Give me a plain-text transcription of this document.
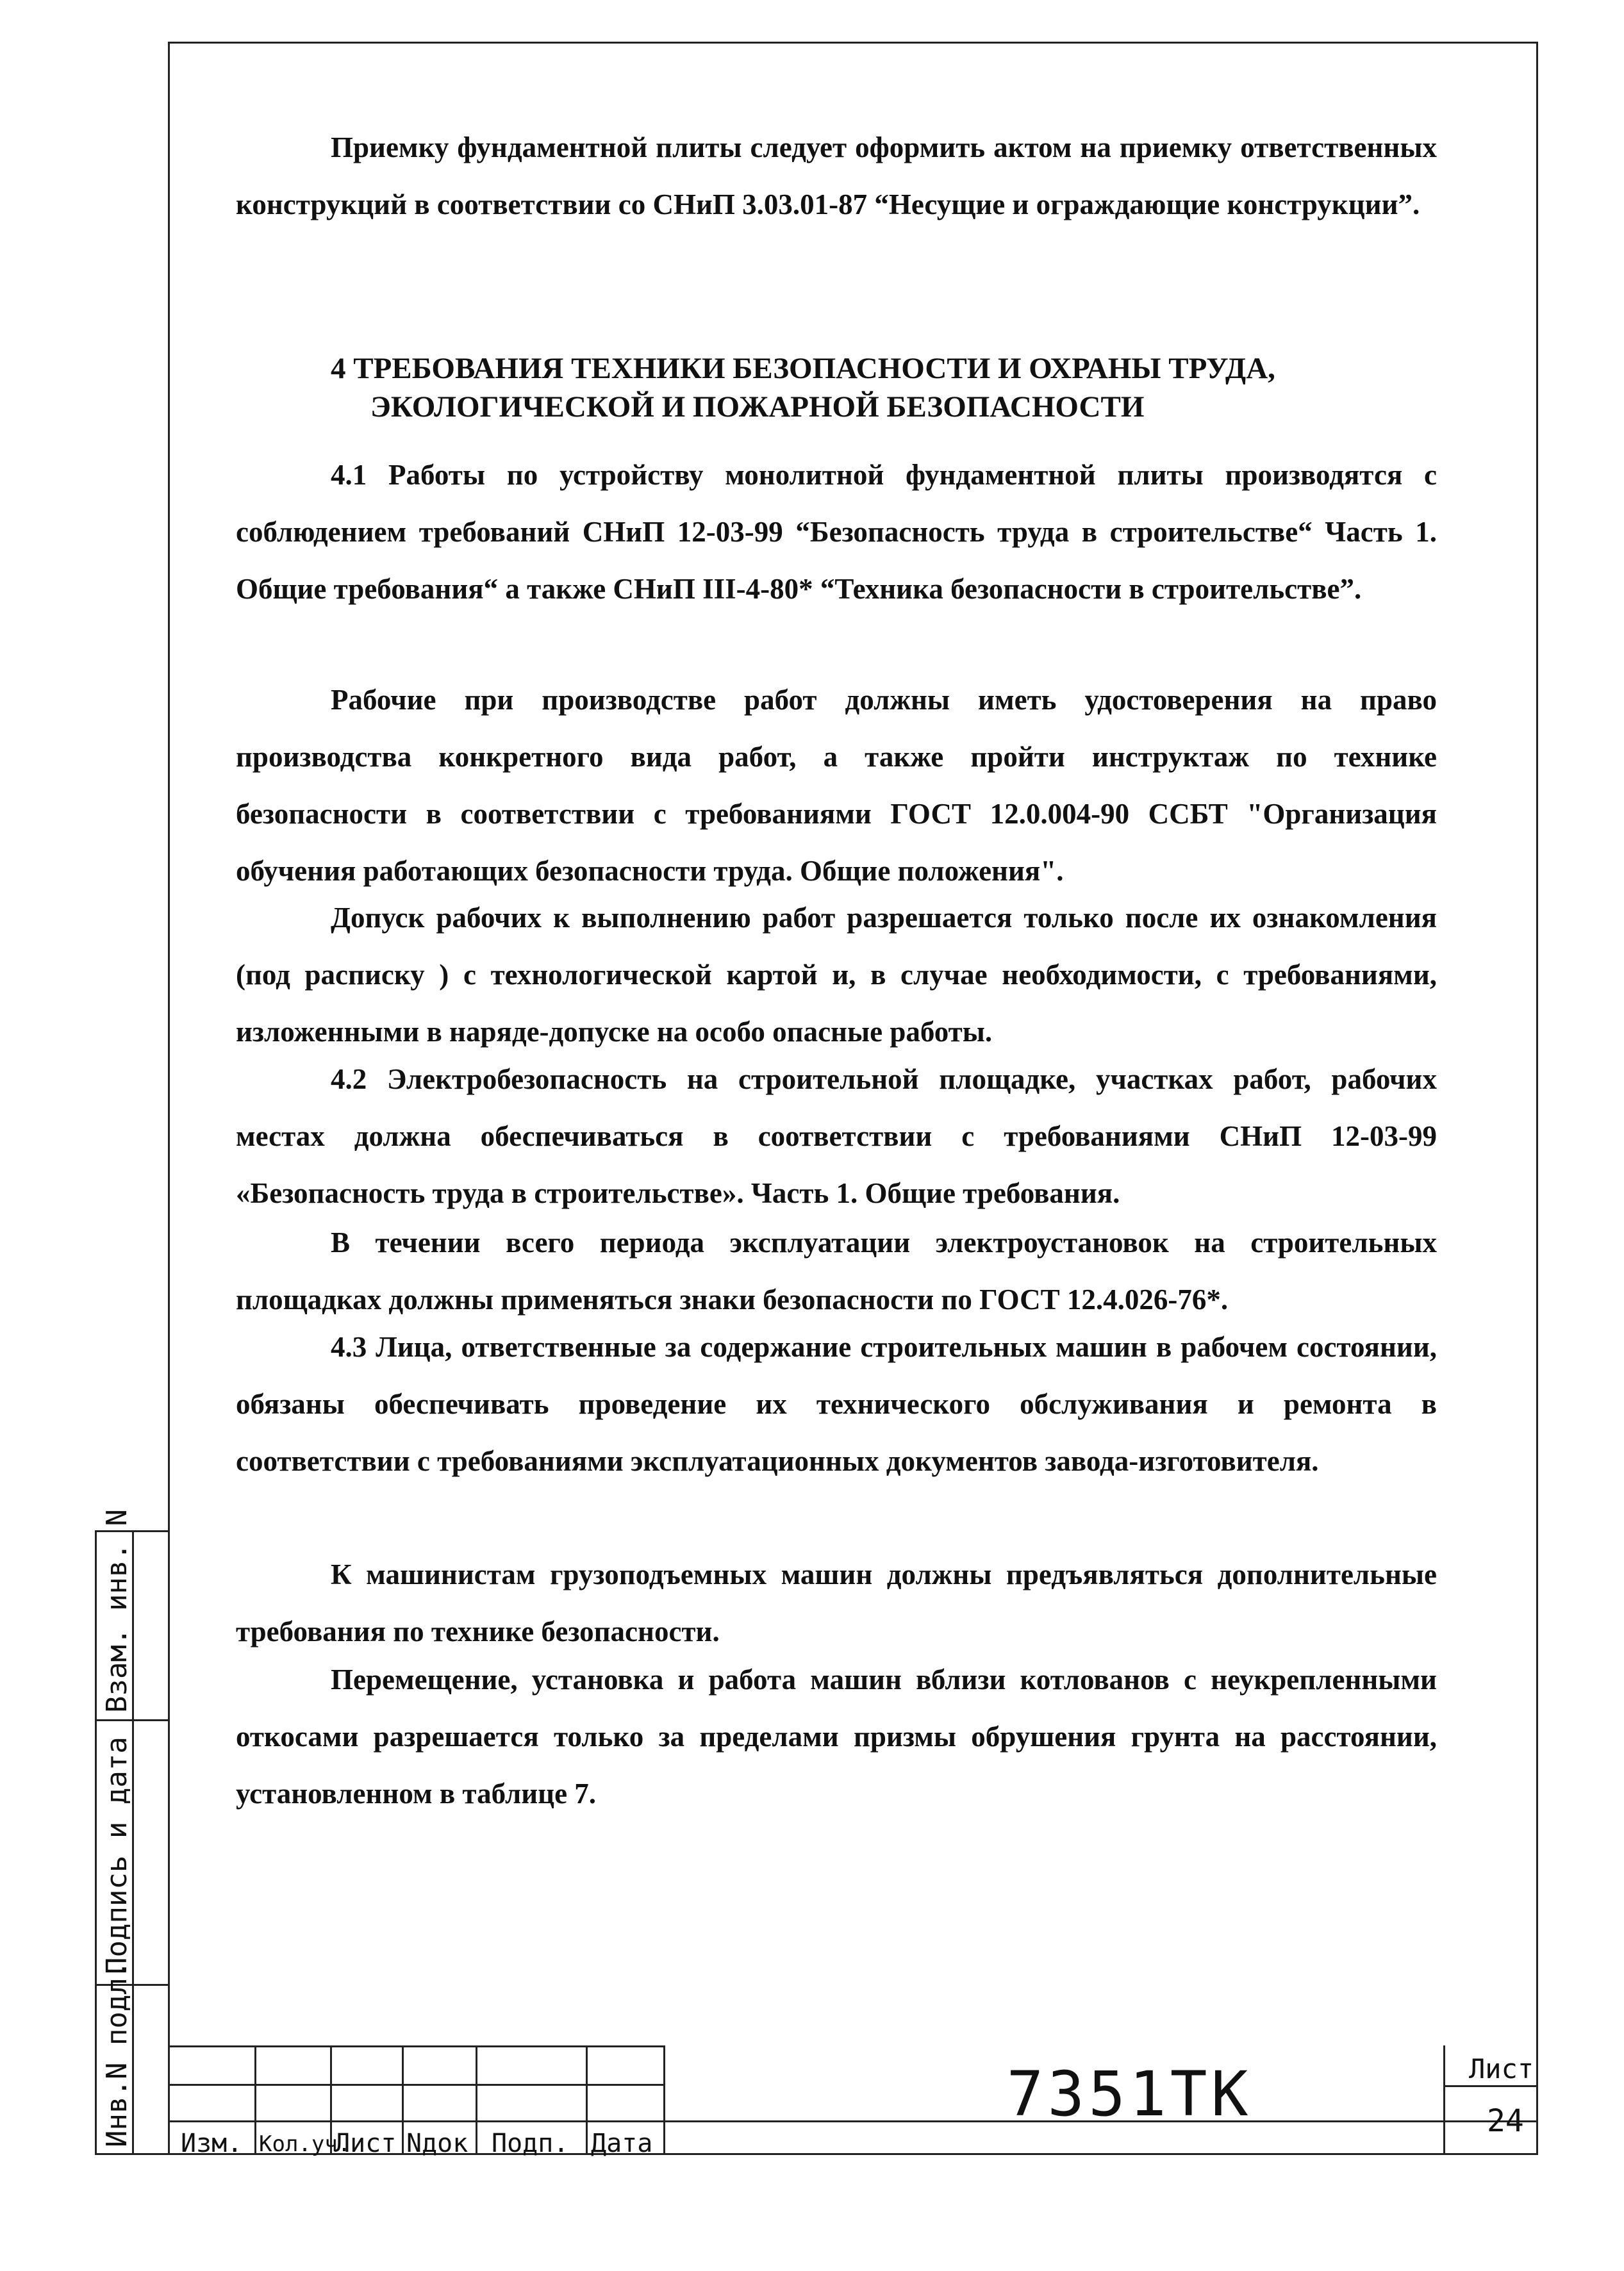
Приемку фундаментной плиты следует оформить актом на приемку ответственных конструкций в соответствии со СНиП 3.03.01-87 “Несущие и ограждающие конструкции”.

4 ТРЕБОВАНИЯ ТЕХНИКИ БЕЗОПАСНОСТИ И ОХРАНЫ ТРУДА,
ЭКОЛОГИЧЕСКОЙ И ПОЖАРНОЙ БЕЗОПАСНОСТИ

4.1 Работы по устройству монолитной фундаментной плиты производятся с соблюдением требований СНиП 12-03-99 “Безопасность труда в строительстве“ Часть 1. Общие требования“ а также СНиП III-4-80* “Техника безопасности в строительстве”.

Рабочие при производстве работ должны иметь удостоверения на право производства конкретного вида работ, а также пройти инструктаж по технике безопасности в соответствии с требованиями ГОСТ 12.0.004-90 ССБТ "Организация обучения работающих безопасности труда. Общие положения".

Допуск рабочих к выполнению работ разрешается только после их ознакомления (под расписку ) с технологической картой и, в случае необходимости, с требованиями, изложенными в наряде-допуске на особо опасные работы.

4.2 Электробезопасность на строительной площадке, участках работ, рабочих местах должна обеспечиваться в соответствии с требованиями СНиП 12-03-99 «Безопасность труда в строительстве». Часть 1. Общие требования.

В течении всего периода эксплуатации электроустановок на строительных площадках должны применяться знаки безопасности по ГОСТ 12.4.026-76*.

4.3 Лица, ответственные за содержание строительных машин в рабочем состоянии, обязаны обеспечивать проведение их технического обслуживания и ремонта в соответствии с требованиями эксплуатационных документов завода-изготовителя.

К машинистам грузоподъемных машин должны предъявляться дополнительные требования по технике безопасности.

Перемещение, установка и работа машин вблизи котлованов с неукрепленными откосами разрешается только за пределами призмы обрушения грунта на расстоянии, установленном в таблице 7.

Взам. инв. N
Подпись и дата
Инв.N подл. Изм. Кол.уч.
Лист Nдок Подп. Дата
7351ТК	Лист
24
